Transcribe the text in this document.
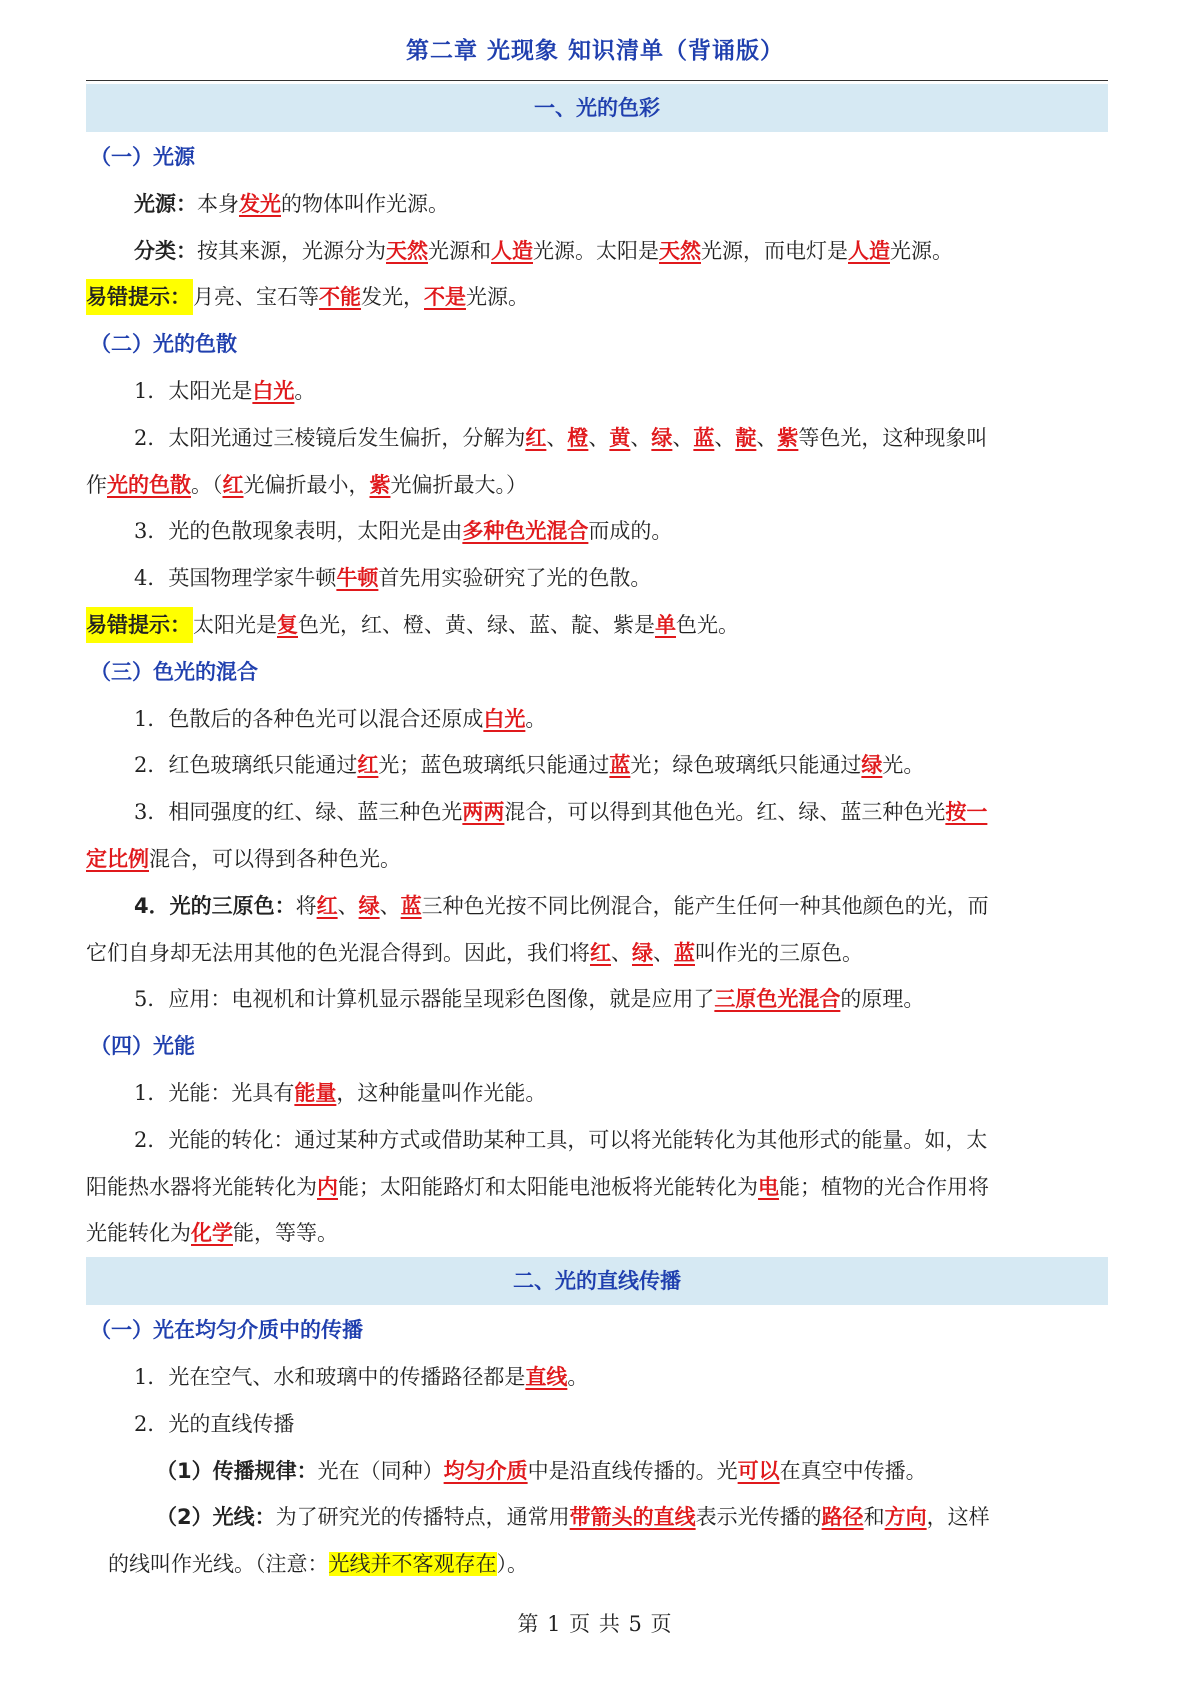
第二章 光现象 知识清单（背诵版）
一、光的色彩
（一）光源
光源：本身发光的物体叫作光源。
分类：按其来源，光源分为天然光源和人造光源。太阳是天然光源，而电灯是人造光源。
易错提示：月亮、宝石等不能发光，不是光源。
（二）光的色散
1．太阳光是白光。
2．太阳光通过三棱镜后发生偏折，分解为红、橙、黄、绿、蓝、靛、紫等色光，这种现象叫
作光的色散。（红光偏折最小，紫光偏折最大。）
3．光的色散现象表明，太阳光是由多种色光混合而成的。
4．英国物理学家牛顿牛顿首先用实验研究了光的色散。
易错提示：太阳光是复色光，红、橙、黄、绿、蓝、靛、紫是单色光。
（三）色光的混合
1．色散后的各种色光可以混合还原成白光。
2．红色玻璃纸只能通过红光；蓝色玻璃纸只能通过蓝光；绿色玻璃纸只能通过绿光。
3．相同强度的红、绿、蓝三种色光两两混合，可以得到其他色光。红、绿、蓝三种色光按一
定比例混合，可以得到各种色光。
4．光的三原色：将红、绿、蓝三种色光按不同比例混合，能产生任何一种其他颜色的光，而
它们自身却无法用其他的色光混合得到。因此，我们将红、绿、蓝叫作光的三原色。
5．应用：电视机和计算机显示器能呈现彩色图像，就是应用了三原色光混合的原理。
（四）光能
1．光能：光具有能量，这种能量叫作光能。
2．光能的转化：通过某种方式或借助某种工具，可以将光能转化为其他形式的能量。如，太
阳能热水器将光能转化为内能；太阳能路灯和太阳能电池板将光能转化为电能；植物的光合作用将
光能转化为化学能，等等。
二、光的直线传播
（一）光在均匀介质中的传播
1．光在空气、水和玻璃中的传播路径都是直线。
2．光的直线传播
（1）传播规律：光在（同种）均匀介质中是沿直线传播的。光可以在真空中传播。
（2）光线：为了研究光的传播特点，通常用带箭头的直线表示光传播的路径和方向，这样
的线叫作光线。（注意：光线并不客观存在）。
第 1 页 共 5 页
